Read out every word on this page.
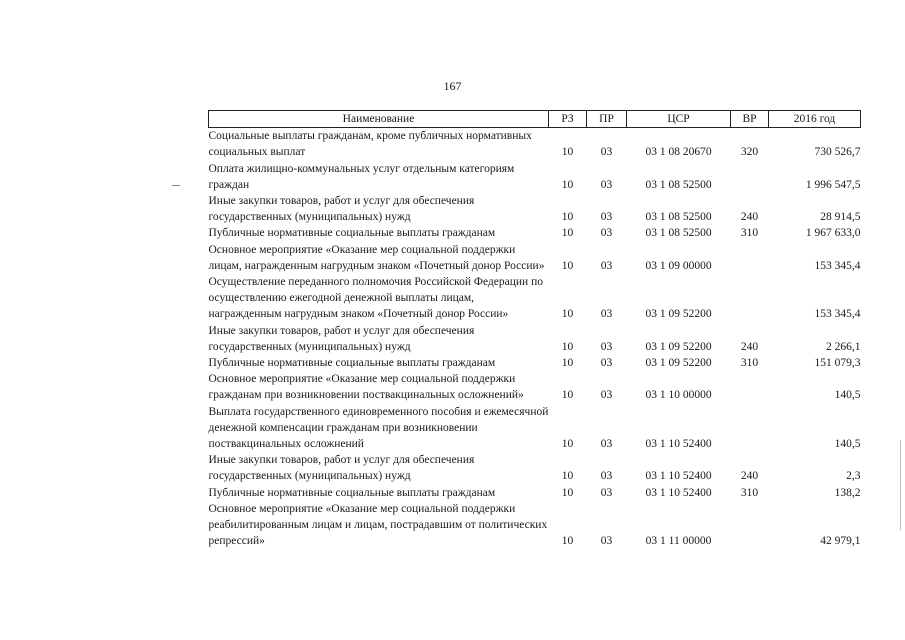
167
Наименование	РЗ	ПР	ЦСР	ВР	2016 год
Социальные выплаты гражданам, кроме публичных нормативных социальных выплат	10	03	03 1 08 20670	320	730 526,7
Оплата жилищно-коммунальных услуг отдельным категориям граждан	10	03	03 1 08 52500		1 996 547,5
Иные закупки товаров, работ и услуг для обеспечения государственных (муниципальных) нужд	10	03	03 1 08 52500	240	28 914,5
Публичные нормативные социальные выплаты гражданам	10	03	03 1 08 52500	310	1 967 633,0
Основное мероприятие «Оказание мер социальной поддержки лицам, награжденным нагрудным знаком «Почетный донор России»	10	03	03 1 09 00000		153 345,4
Осуществление переданного полномочия Российской Федерации по осуществлению ежегодной денежной выплаты лицам, награжденным нагрудным знаком «Почетный донор России»	10	03	03 1 09 52200		153 345,4
Иные закупки товаров, работ и услуг для обеспечения государственных (муниципальных) нужд	10	03	03 1 09 52200	240	2 266,1
Публичные нормативные социальные выплаты гражданам	10	03	03 1 09 52200	310	151 079,3
Основное мероприятие «Оказание мер социальной поддержки гражданам при возникновении поствакцинальных осложнений»	10	03	03 1 10 00000		140,5
Выплата государственного единовременного пособия и ежемесячной денежной компенсации гражданам при возникновении поствакцинальных осложнений	10	03	03 1 10 52400		140,5
Иные закупки товаров, работ и услуг для обеспечения государственных (муниципальных) нужд	10	03	03 1 10 52400	240	2,3
Публичные нормативные социальные выплаты гражданам	10	03	03 1 10 52400	310	138,2
Основное мероприятие «Оказание мер социальной поддержки реабилитированным лицам и лицам, пострадавшим от политических репрессий»	10	03	03 1 11 00000		42 979,1
